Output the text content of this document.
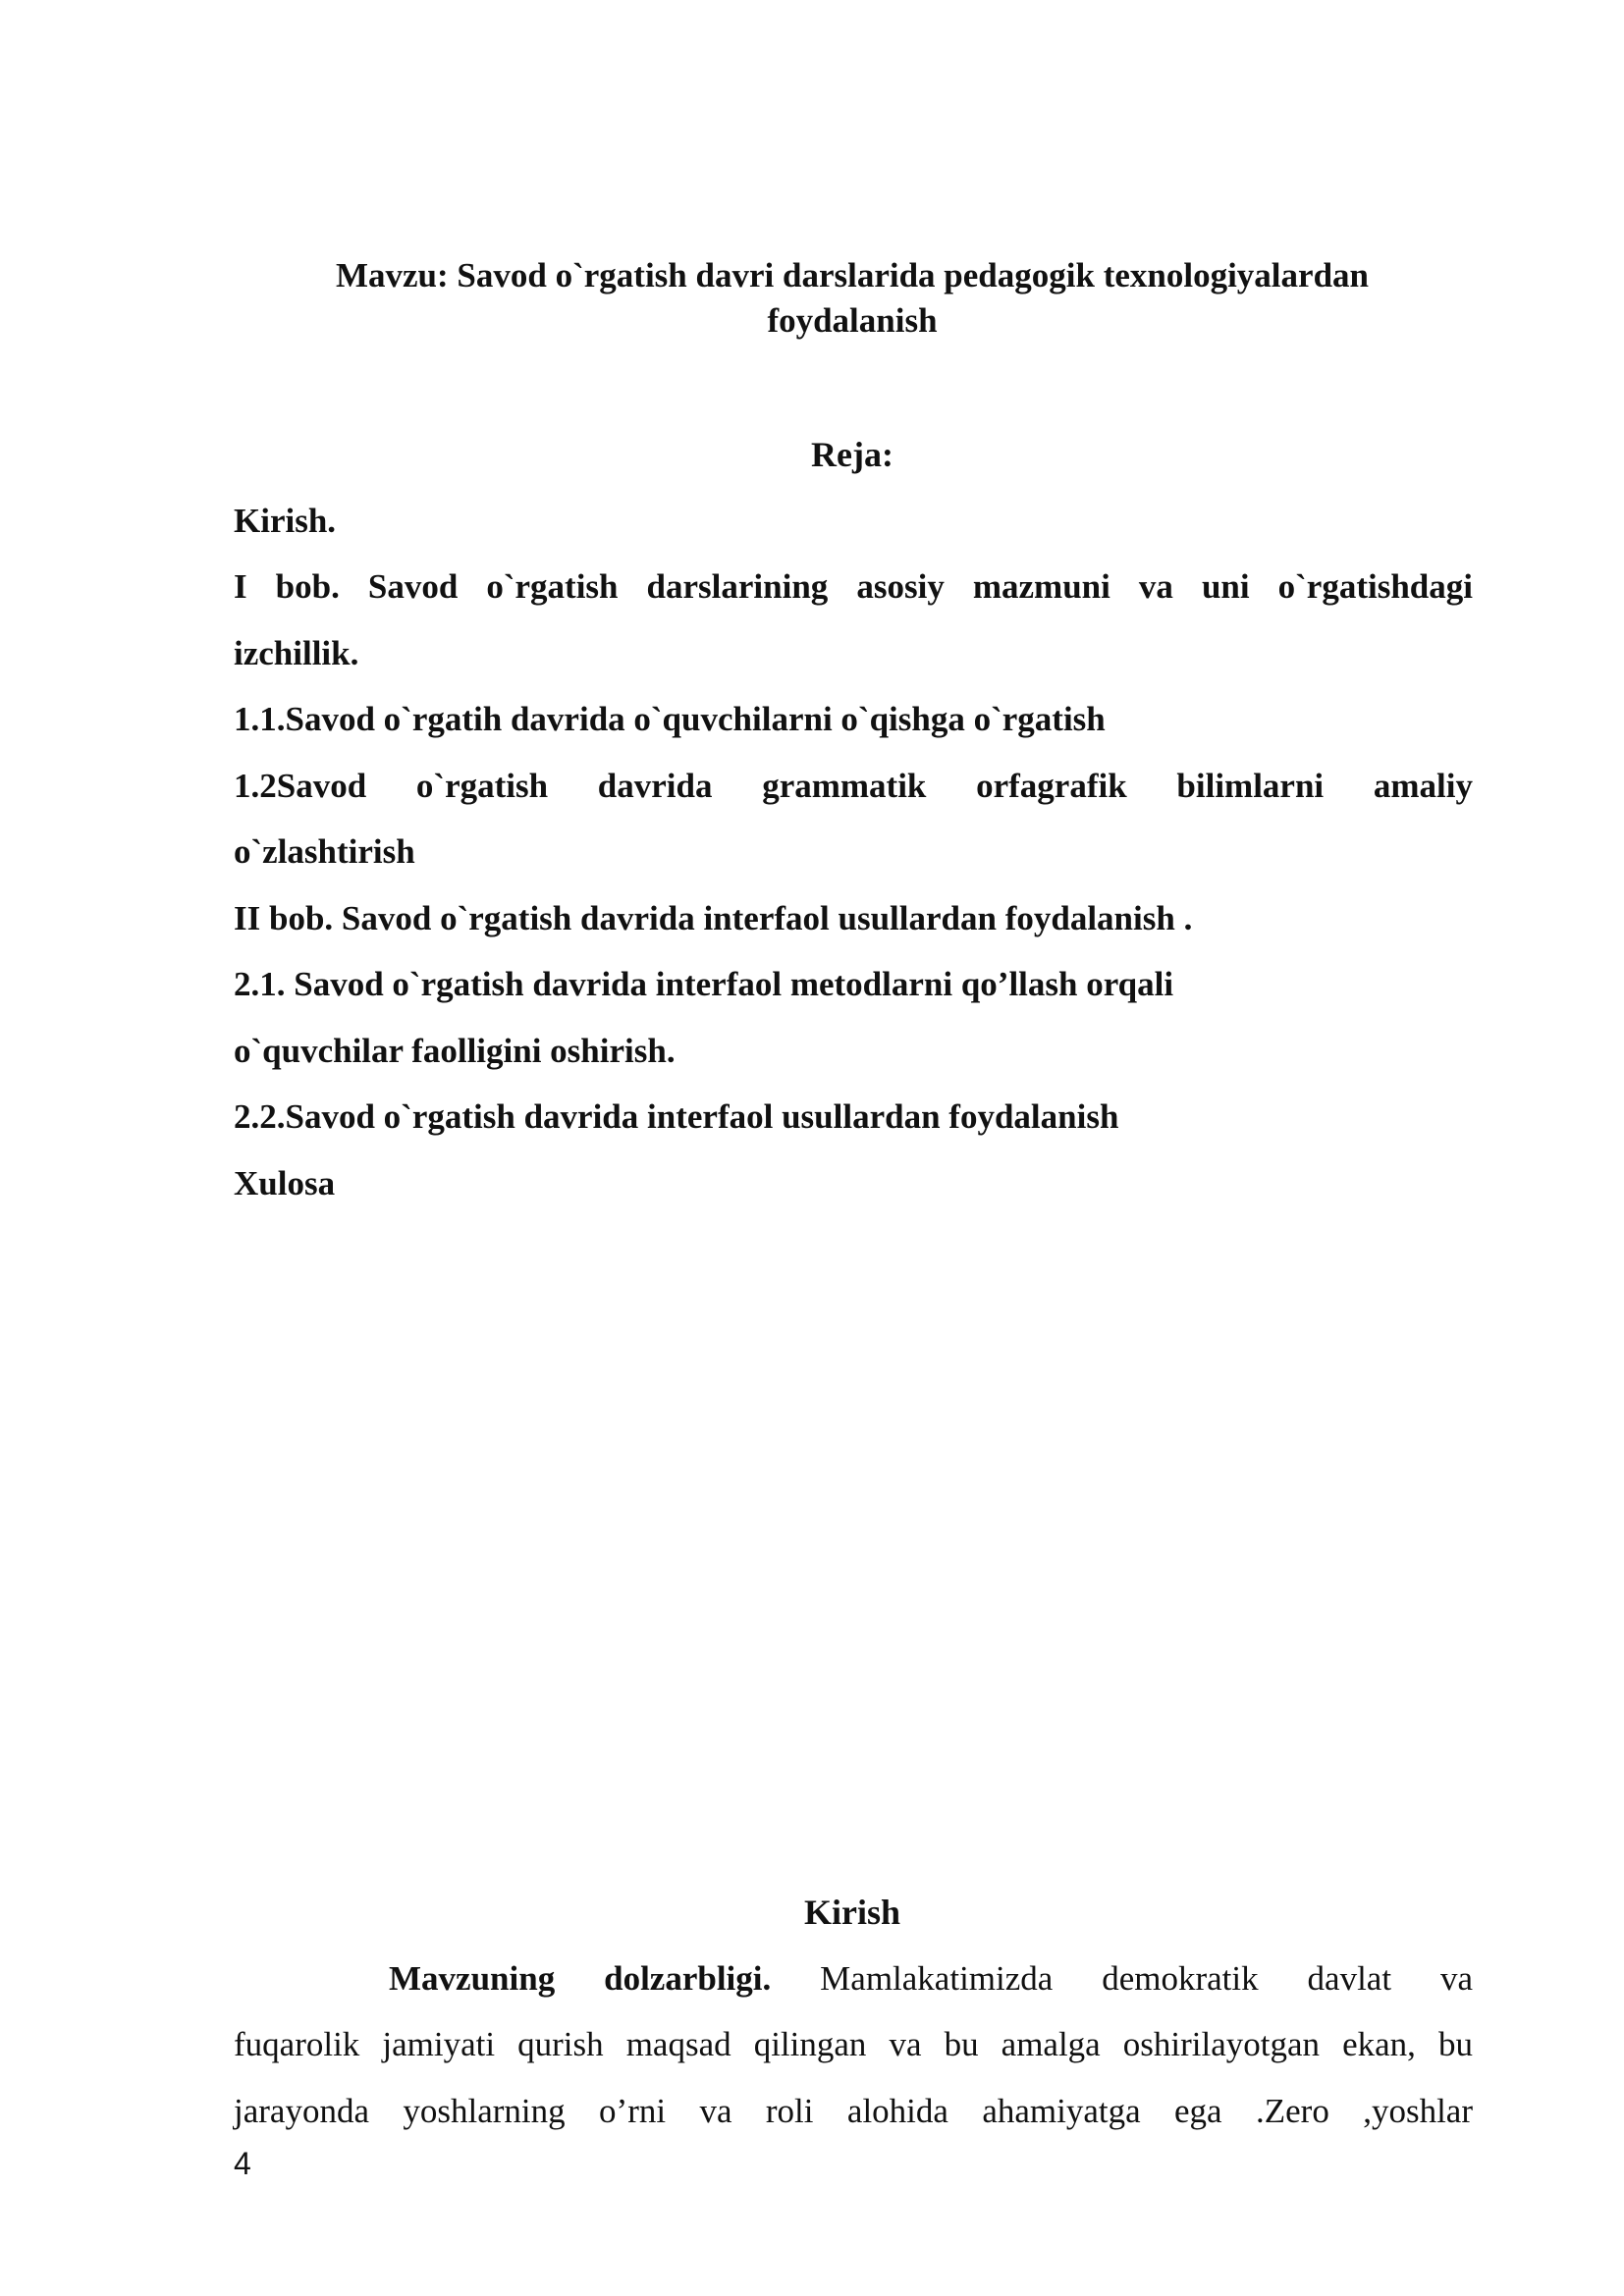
Mavzu: Savod o`rgatish davri darslarida pedagogik texnologiyalardan
foydalanish
Reja:
Kirish.
I bob. Savod o`rgatish darslarining asosiy mazmuni va uni o`rgatishdagi
izchillik.
1.1.Savod o`rgatih davrida o`quvchilarni o`qishga o`rgatish
1.2Savod o`rgatish davrida grammatik orfagrafik bilimlarni amaliy
o`zlashtirish
II bob. Savod o`rgatish davrida interfaol usullardan foydalanish .
2.1. Savod o`rgatish davrida interfaol metodlarni qo’llash orqali
o`quvchilar faolligini oshirish.
2.2.Savod o`rgatish davrida interfaol usullardan foydalanish
Xulosa
Kirish
Mavzuning dolzarbligi. Mamlakatimizda demokratik davlat va
fuqarolik jamiyati qurish maqsad qilingan va bu amalga oshirilayotgan ekan, bu
jarayonda yoshlarning o’rni va roli alohida ahamiyatga ega .Zero ,yoshlar
4
